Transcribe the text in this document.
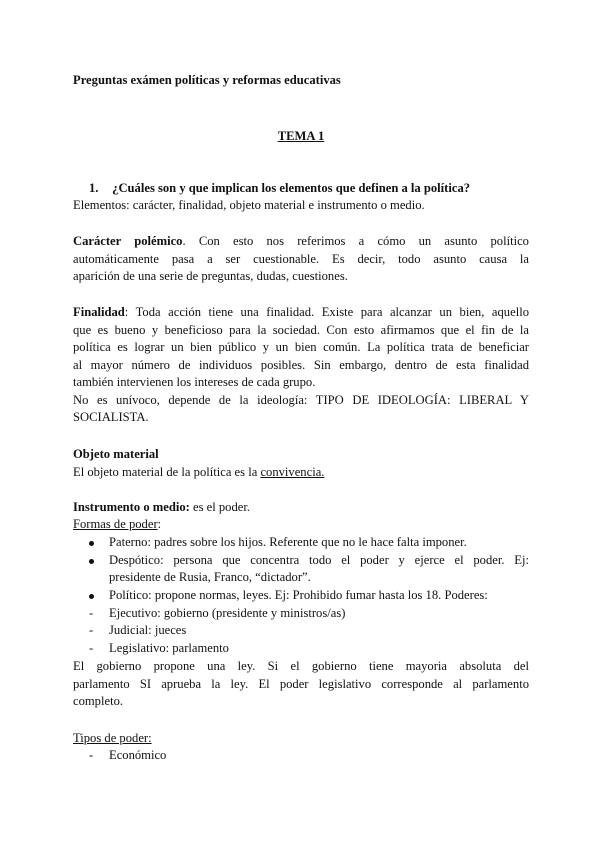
Preguntas exámen políticas y reformas educativas
TEMA 1
1. ¿Cuáles son y que implican los elementos que definen a la política?
Elementos: carácter, finalidad, objeto material e instrumento o medio.
Carácter polémico. Con esto nos referimos a cómo un asunto político
automáticamente pasa a ser cuestionable. Es decir, todo asunto causa la
aparición de una serie de preguntas, dudas, cuestiones.
Finalidad: Toda acción tiene una finalidad. Existe para alcanzar un bien, aquello
que es bueno y beneficioso para la sociedad. Con esto afirmamos que el fin de la
política es lograr un bien público y un bien común. La política trata de beneficiar
al mayor número de individuos posibles. Sin embargo, dentro de esta finalidad
también intervienen los intereses de cada grupo.
No es unívoco, depende de la ideología: TIPO DE IDEOLOGÍA: LIBERAL Y
SOCIALISTA.
Objeto material
El objeto material de la política es la convivencia.
Instrumento o medio: es el poder.
Formas de poder:
Paterno: padres sobre los hijos. Referente que no le hace falta imponer.
Despótico: persona que concentra todo el poder y ejerce el poder. Ej:
presidente de Rusia, Franco, “dictador”.
Político: propone normas, leyes. Ej: Prohibido fumar hasta los 18. Poderes:
- Ejecutivo: gobierno (presidente y ministros/as)
- Judicial: jueces
- Legislativo: parlamento
El gobierno propone una ley. Si el gobierno tiene mayoria absoluta del
parlamento SI aprueba la ley. El poder legislativo corresponde al parlamento
completo.
Tipos de poder:
- Económico
